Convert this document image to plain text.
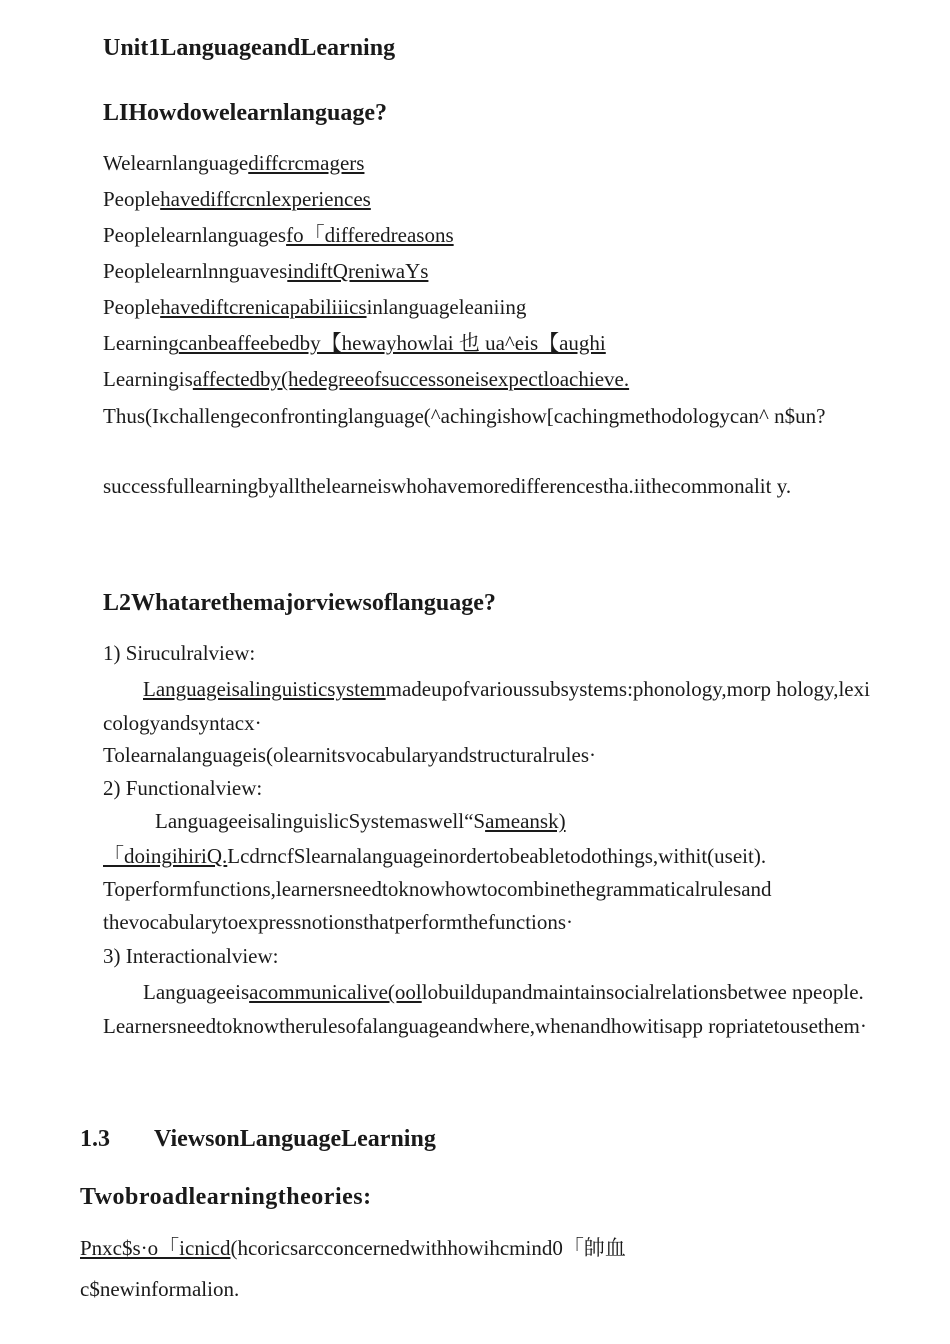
Unit1LanguageandLearning
LIHowdowelearnlanguage?
Welearnlanguagediffcrcmagers
Peoplehavediffcrcnlexperiences
Peoplelearnlanguagesfo「differedreasons
PeoplelearnlnnguavesindiftQreniwaYs
Peoplehavediftcrenicapabiliiicsinlanguageleaniing
Learningcanbeaffeebedby【hewayhowlai 也 ua^eis【aughi
Learningisaffectedby(hedegreeofsuccessoneisexpectloachieve.
Thus(Iκchallengeconfrontinglanguage(^achingishow[cachingmethodologycan^ n$un?
successfullearningbyallthelearneiswhohavemoredifferencestha.iithecommonalit y.
L2Whatarethemajorviewsoflanguage?
1) Siruculralview:
Languageisalinguisticsystemmadeupofvarioussubsystems:phonology,morp hology,lexicologyandsyntacx·
Tolearnalanguageis(olearnitsvocabularyandstructuralrules·
2) Functionalview:
LanguageeisalinguislicSystemaswell“Sameansk)
「doingihiriQ.LcdrncfSlearnalanguageinordertobeabletodothings,withit(useit).
Toperformfunctions,learnersneedtoknowhowtocombinethegrammaticalrulesand
thevocabularytoexpressnotionsthatperformthefunctions·
3) Interactionalview:
Languageeisacommunicalive(oollobuildupandmaintainsocialrelationsbetwee npeople.Learnersneedtoknowtherulesofalanguageandwhere,whenandhowitisapp ropriatetousethem·
1.3 ViewsonLanguageLearning
Twobroadlearningtheories:
Pnxc$s·o「icnicd(hcoricsarcconcernedwithhowihcmind0「帥血
c$newinformalion.
